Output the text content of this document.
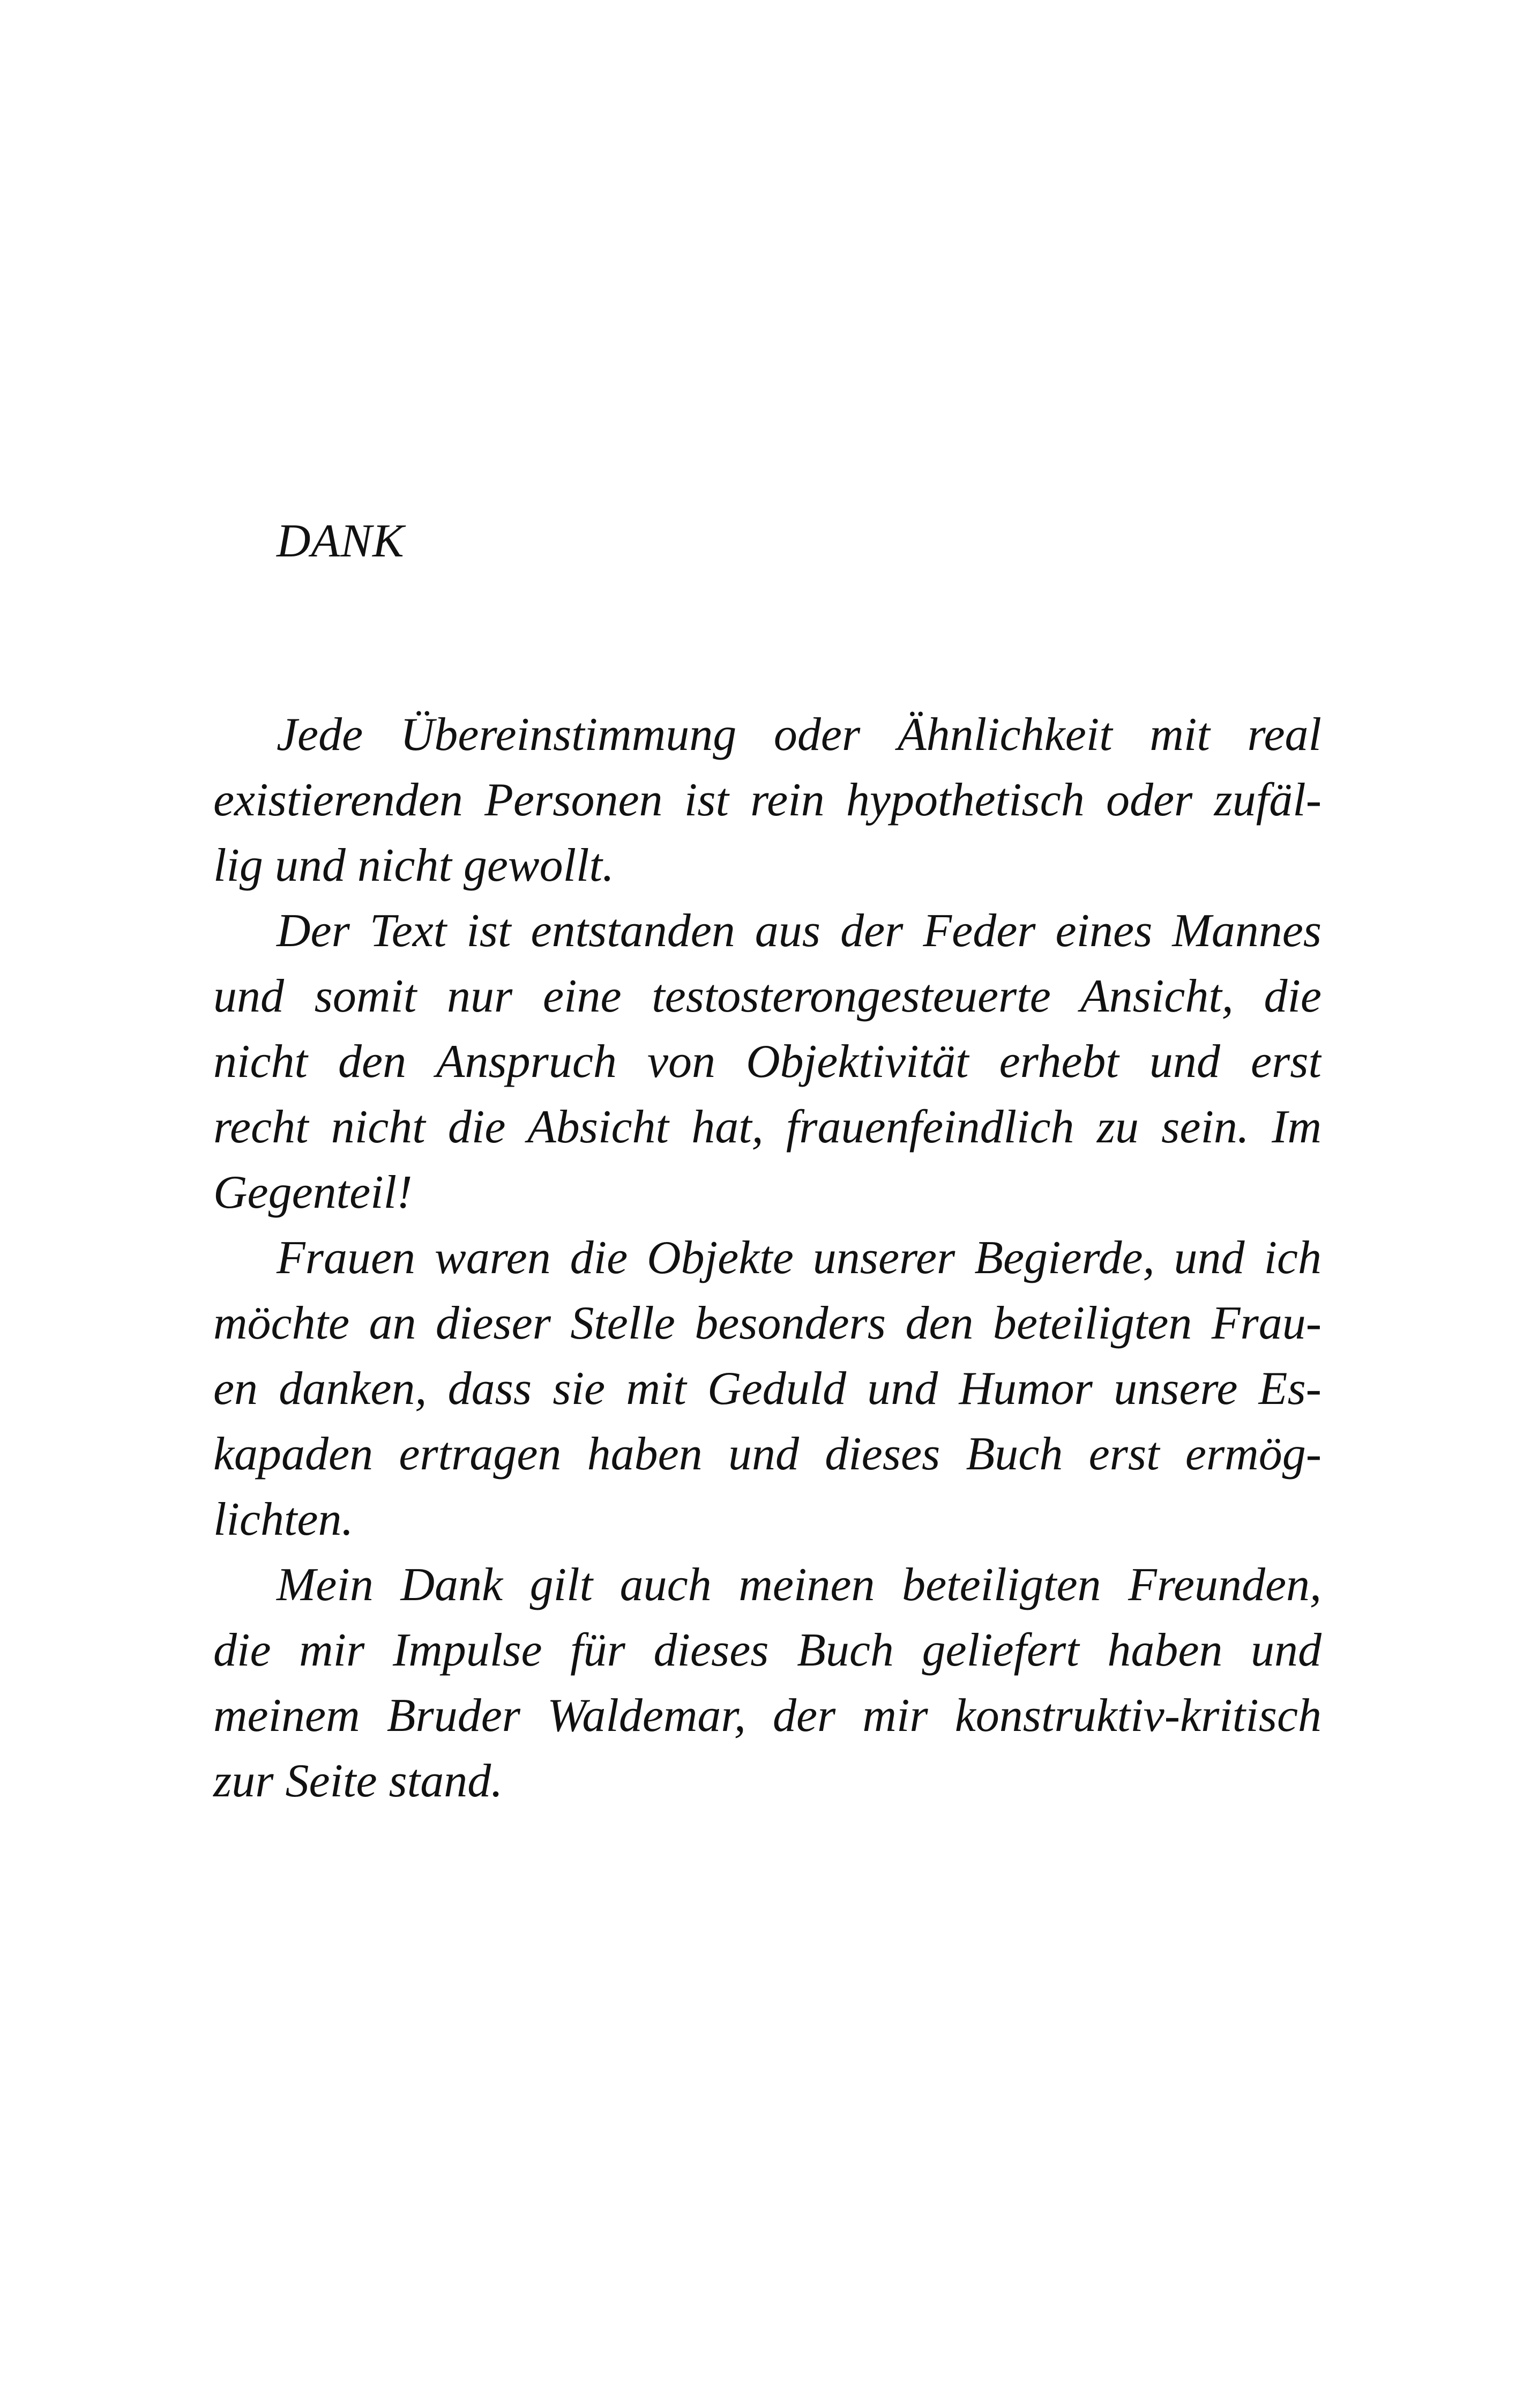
DANK
Jede Übereinstimmung oder Ähnlichkeit mit real
existierenden Personen ist rein hypothetisch oder zufäl-
lig und nicht gewollt.
Der Text ist entstanden aus der Feder eines Mannes
und somit nur eine testosterongesteuerte Ansicht, die
nicht den Anspruch von Objektivität erhebt und erst
recht nicht die Absicht hat, frauenfeindlich zu sein. Im
Gegenteil!
Frauen waren die Objekte unserer Begierde, und ich
möchte an dieser Stelle besonders den beteiligten Frau-
en danken, dass sie mit Geduld und Humor unsere Es-
kapaden ertragen haben und dieses Buch erst ermög-
lichten.
Mein Dank gilt auch meinen beteiligten Freunden,
die mir Impulse für dieses Buch geliefert haben und
meinem Bruder Waldemar, der mir konstruktiv-kritisch
zur Seite stand.
